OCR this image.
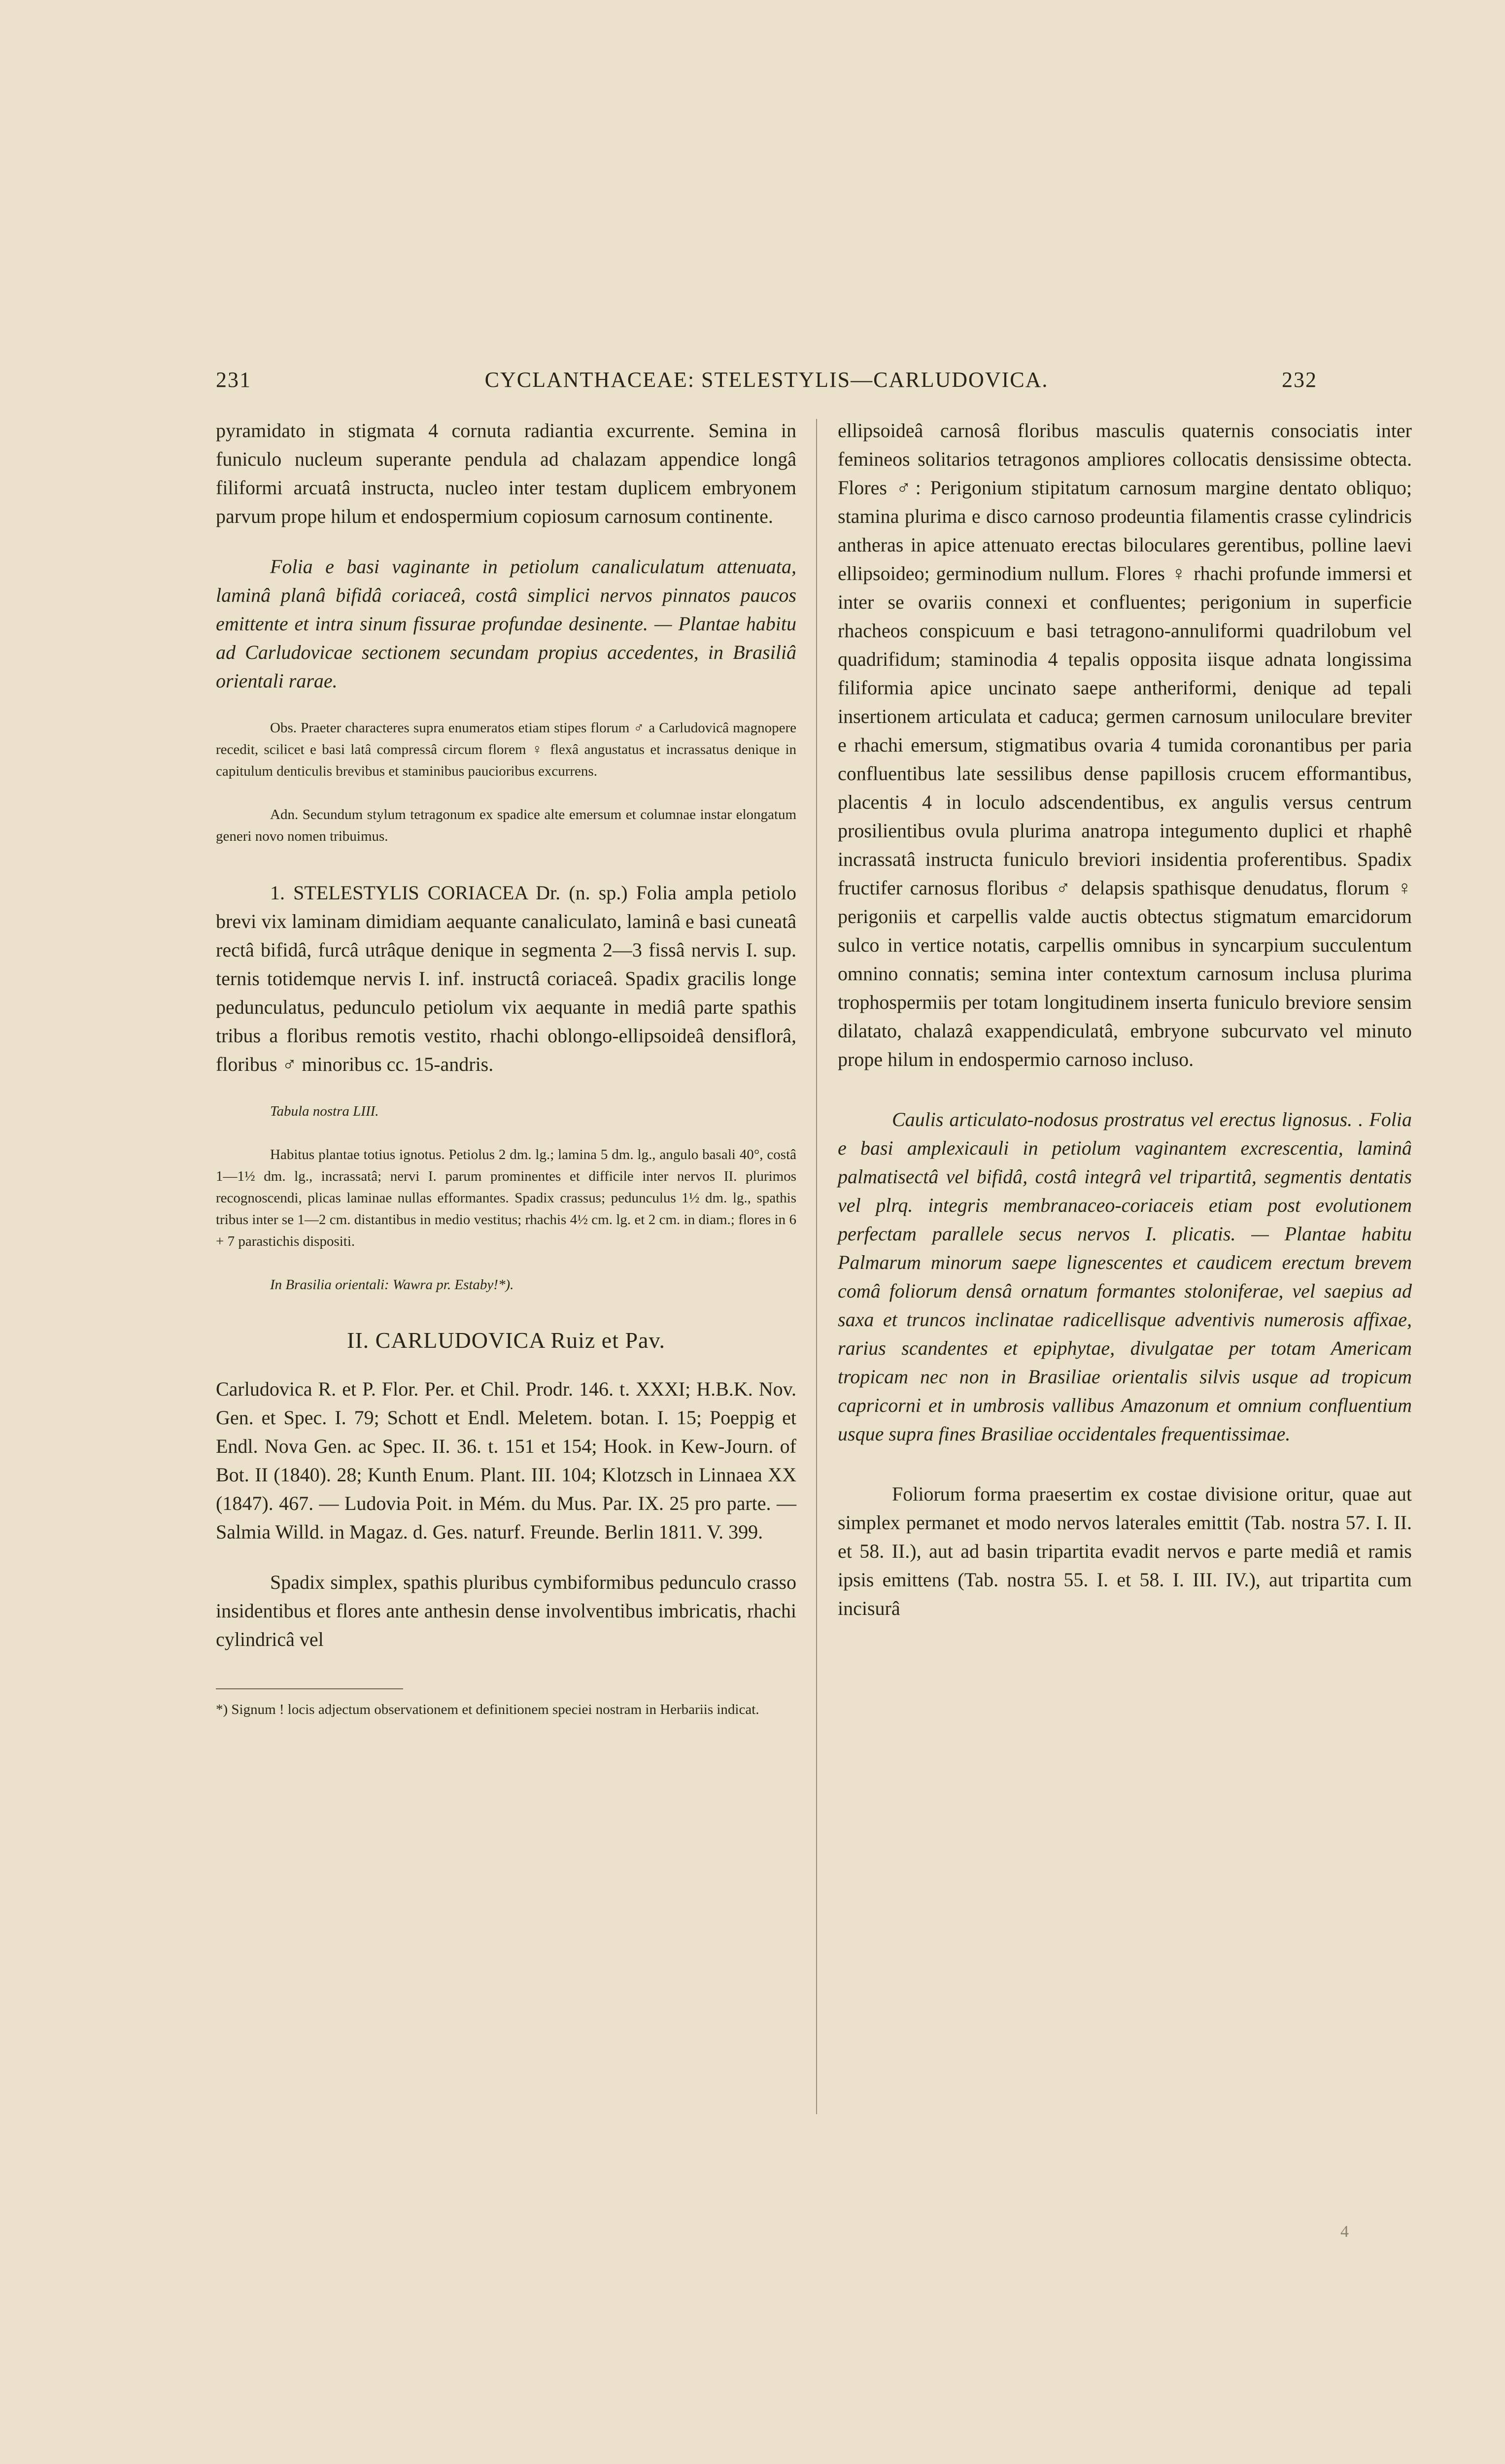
231	CYCLANTHACEAE: STELESTYLIS—CARLUDOVICA.	232

pyramidato in stigmata 4 cornuta radiantia excurrente. Semina in funiculo nucleum superante pendula ad chalazam appendice longâ filiformi arcuatâ instructa, nucleo inter testam duplicem embryonem parvum prope hilum et endospermium copiosum carnosum continente.

Folia e basi vaginante in petiolum canaliculatum attenuata, laminâ planâ bifidâ coriaceâ, costâ simplici nervos pinnatos paucos emittente et intra sinum fissurae profundae desinente. — Plantae habitu ad Carludovicae sectionem secundam propius accedentes, in Brasiliâ orientali rarae.

Obs. Praeter characteres supra enumeratos etiam stipes florum ♂ a Carludovicâ magnopere recedit, scilicet e basi latâ compressâ circum florem ♀ flexâ angustatus et incrassatus denique in capitulum denticulis brevibus et staminibus paucioribus excurrens.

Adn. Secundum stylum tetragonum ex spadice alte emersum et columnae instar elongatum generi novo nomen tribuimus.

1. STELESTYLIS CORIACEA Dr. (n. sp.) Folia ampla petiolo brevi vix laminam dimidiam aequante canaliculato, laminâ e basi cuneatâ rectâ bifidâ, furcâ utrâque denique in segmenta 2—3 fissâ nervis I. sup. ternis totidemque nervis I. inf. instructâ coriaceâ. Spadix gracilis longe pedunculatus, pedunculo petiolum vix aequante in mediâ parte spathis tribus a floribus remotis vestito, rhachi oblongo-ellipsoideâ densiflorâ, floribus ♂ minoribus cc. 15-andris.

Tabula nostra LIII.

Habitus plantae totius ignotus. Petiolus 2 dm. lg.; lamina 5 dm. lg., angulo basali 40°, costâ 1—1½ dm. lg., incrassatâ; nervi I. parum prominentes et difficile inter nervos II. plurimos recognoscendi, plicas laminae nullas efformantes. Spadix crassus; pedunculus 1½ dm. lg., spathis tribus inter se 1—2 cm. distantibus in medio vestitus; rhachis 4½ cm. lg. et 2 cm. in diam.; flores in 6 + 7 parastichis dispositi.

In Brasilia orientali: Wawra pr. Estaby!*).

II. CARLUDOVICA Ruiz et Pav.

Carludovica R. et P. Flor. Per. et Chil. Prodr. 146. t. XXXI; H.B.K. Nov. Gen. et Spec. I. 79; Schott et Endl. Meletem. botan. I. 15; Poeppig et Endl. Nova Gen. ac Spec. II. 36. t. 151 et 154; Hook. in Kew-Journ. of Bot. II (1840). 28; Kunth Enum. Plant. III. 104; Klotzsch in Linnaea XX (1847). 467. — Ludovia Poit. in Mém. du Mus. Par. IX. 25 pro parte. — Salmia Willd. in Magaz. d. Ges. naturf. Freunde. Berlin 1811. V. 399.

Spadix simplex, spathis pluribus cymbiformibus pedunculo crasso insidentibus et flores ante anthesin dense involventibus imbricatis, rhachi cylindricâ vel

*) Signum ! locis adjectum observationem et definitionem speciei nostram in Herbariis indicat.

ellipsoideâ carnosâ floribus masculis quaternis consociatis inter femineos solitarios tetragonos ampliores collocatis densissime obtecta. Flores ♂: Perigonium stipitatum carnosum margine dentato obliquo; stamina plurima e disco carnoso prodeuntia filamentis crasse cylindricis antheras in apice attenuato erectas biloculares gerentibus, polline laevi ellipsoideo; germinodium nullum. Flores ♀ rhachi profunde immersi et inter se ovariis connexi et confluentes; perigonium in superficie rhacheos conspicuum e basi tetragono-annuliformi quadrilobum vel quadrifidum; staminodia 4 tepalis opposita iisque adnata longissima filiformia apice uncinato saepe antheriformi, denique ad tepali insertionem articulata et caduca; germen carnosum uniloculare breviter e rhachi emersum, stigmatibus ovaria 4 tumida coronantibus per paria confluentibus late sessilibus dense papillosis crucem efformantibus, placentis 4 in loculo adscendentibus, ex angulis versus centrum prosilientibus ovula plurima anatropa integumento duplici et rhaphê incrassatâ instructa funiculo breviori insidentia proferentibus. Spadix fructifer carnosus floribus ♂ delapsis spathisque denudatus, florum ♀ perigoniis et carpellis valde auctis obtectus stigmatum emarcidorum sulco in vertice notatis, carpellis omnibus in syncarpium succulentum omnino connatis; semina inter contextum carnosum inclusa plurima trophospermiis per totam longitudinem inserta funiculo breviore sensim dilatato, chalazâ exappendiculatâ, embryone subcurvato vel minuto prope hilum in endospermio carnoso incluso.

Caulis articulato-nodosus prostratus vel erectus lignosus. . Folia e basi amplexicauli in petiolum vaginantem excrescentia, laminâ palmatisectâ vel bifidâ, costâ integrâ vel tripartitâ, segmentis dentatis vel plrq. integris membranaceo-coriaceis etiam post evolutionem perfectam parallele secus nervos I. plicatis. — Plantae habitu Palmarum minorum saepe lignescentes et caudicem erectum brevem comâ foliorum densâ ornatum formantes stoloniferae, vel saepius ad saxa et truncos inclinatae radicellisque adventivis numerosis affixae, rarius scandentes et epiphytae, divulgatae per totam Americam tropicam nec non in Brasiliae orientalis silvis usque ad tropicum capricorni et in umbrosis vallibus Amazonum et omnium confluentium usque supra fines Brasiliae occidentales frequentissimae.

Foliorum forma praesertim ex costae divisione oritur, quae aut simplex permanet et modo nervos laterales emittit (Tab. nostra 57. I. II. et 58. II.), aut ad basin tripartita evadit nervos e parte mediâ et ramis ipsis emittens (Tab. nostra 55. I. et 58. I. III. IV.), aut tripartita cum incisurâ

4
